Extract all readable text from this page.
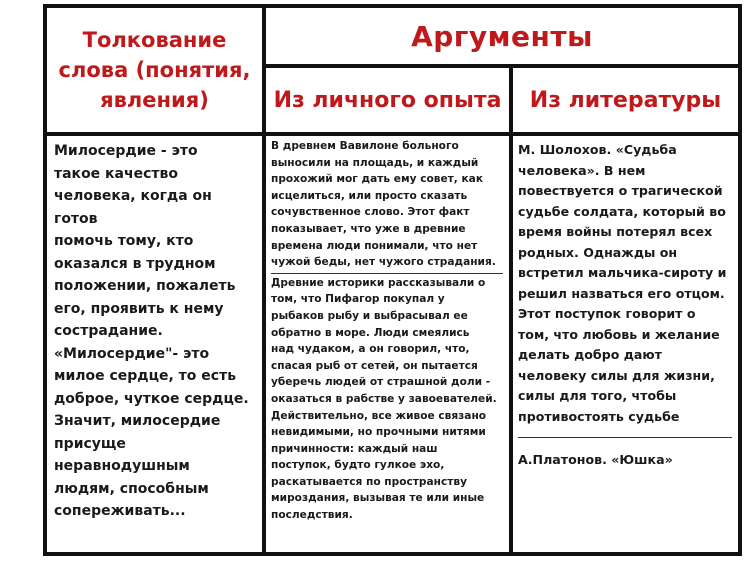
Толкование слова (понятия, явления)
Аргументы
Из личного опыта Из литературы

Милосердие - это
такое качество
человека, когда он готов
помочь тому, кто
оказался в трудном
положении, пожалеть
его, проявить к нему
сострадание.
«Милосердие"- это
милое сердце, то есть
доброе, чуткое сердце.
Значит, милосердие
присуще
неравнодушным
людям, способным
сопереживать...

В древнем Вавилоне больного
выносили на площадь, и каждый
прохожий мог дать ему совет, как
исцелиться, или просто сказать
сочувственное слово. Этот факт
показывает, что уже в древние
времена люди понимали, что нет
чужой беды, нет чужого страдания.

Древние историки рассказывали о
том, что Пифагор покупал у
рыбаков рыбу и выбрасывал ее
обратно в море. Люди смеялись
над чудаком, а он говорил, что,
спасая рыб от сетей, он пытается
уберечь людей от страшной доли -
оказаться в рабстве у завоевателей.
Действительно, все живое связано
невидимыми, но прочными нитями
причинности: каждый наш
поступок, будто гулкое эхо,
раскатывается по пространству
мироздания, вызывая те или иные
последствия.

М. Шолохов. «Судьба
человека». В нем
повествуется о трагической
судьбе солдата, который во
время войны потерял всех
родных. Однажды он
встретил мальчика-сироту и
решил назваться его отцом.
Этот поступок говорит о
том, что любовь и желание
делать добро дают
человеку силы для жизни,
силы для того, чтобы
противостоять судьбе

А.Платонов. «Юшка»
